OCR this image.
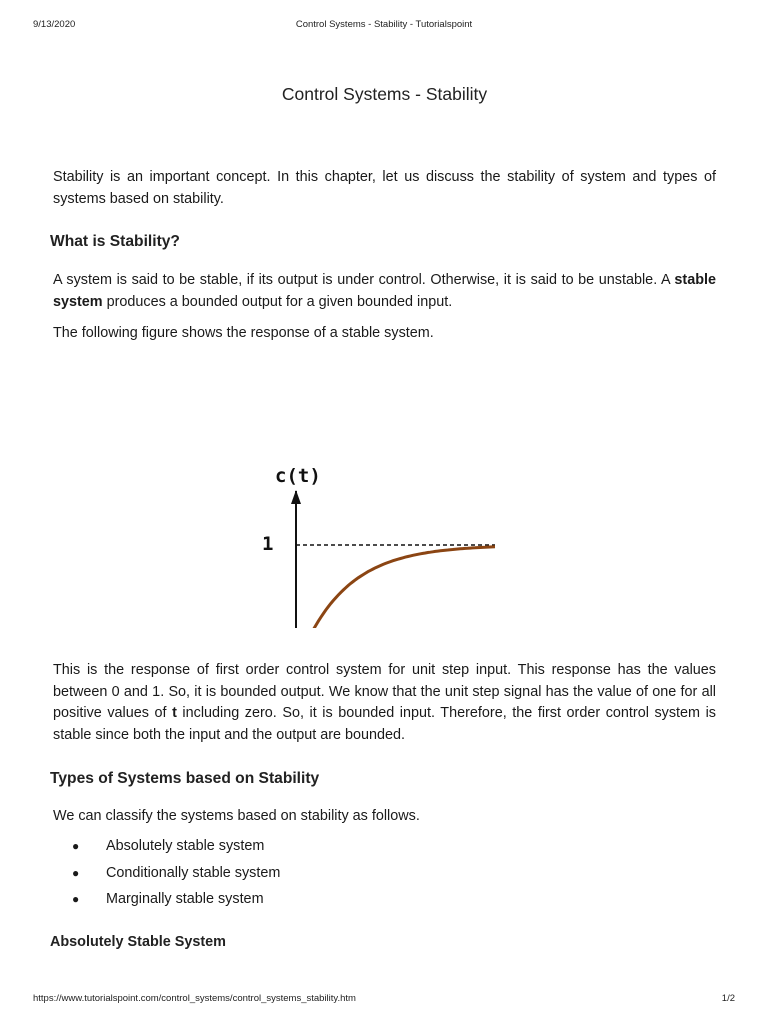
9/13/2020	Control Systems - Stability - Tutorialspoint
Control Systems - Stability

Stability is an important concept. In this chapter, let us discuss the stability of system and types of systems based on stability.

What is Stability?

A system is said to be stable, if its output is under control. Otherwise, it is said to be unstable. A stable system produces a bounded output for a given bounded input.

The following figure shows the response of a stable system.

c(t)
1

This is the response of first order control system for unit step input. This response has the values between 0 and 1. So, it is bounded output. We know that the unit step signal has the value of one for all positive values of t including zero. So, it is bounded input. Therefore, the first order control system is stable since both the input and the output are bounded.

Types of Systems based on Stability

We can classify the systems based on stability as follows.

● Absolutely stable system
● Conditionally stable system
● Marginally stable system
Absolutely Stable System
https://www.tutorialspoint.com/control_systems/control_systems_stability.htm	1/2
